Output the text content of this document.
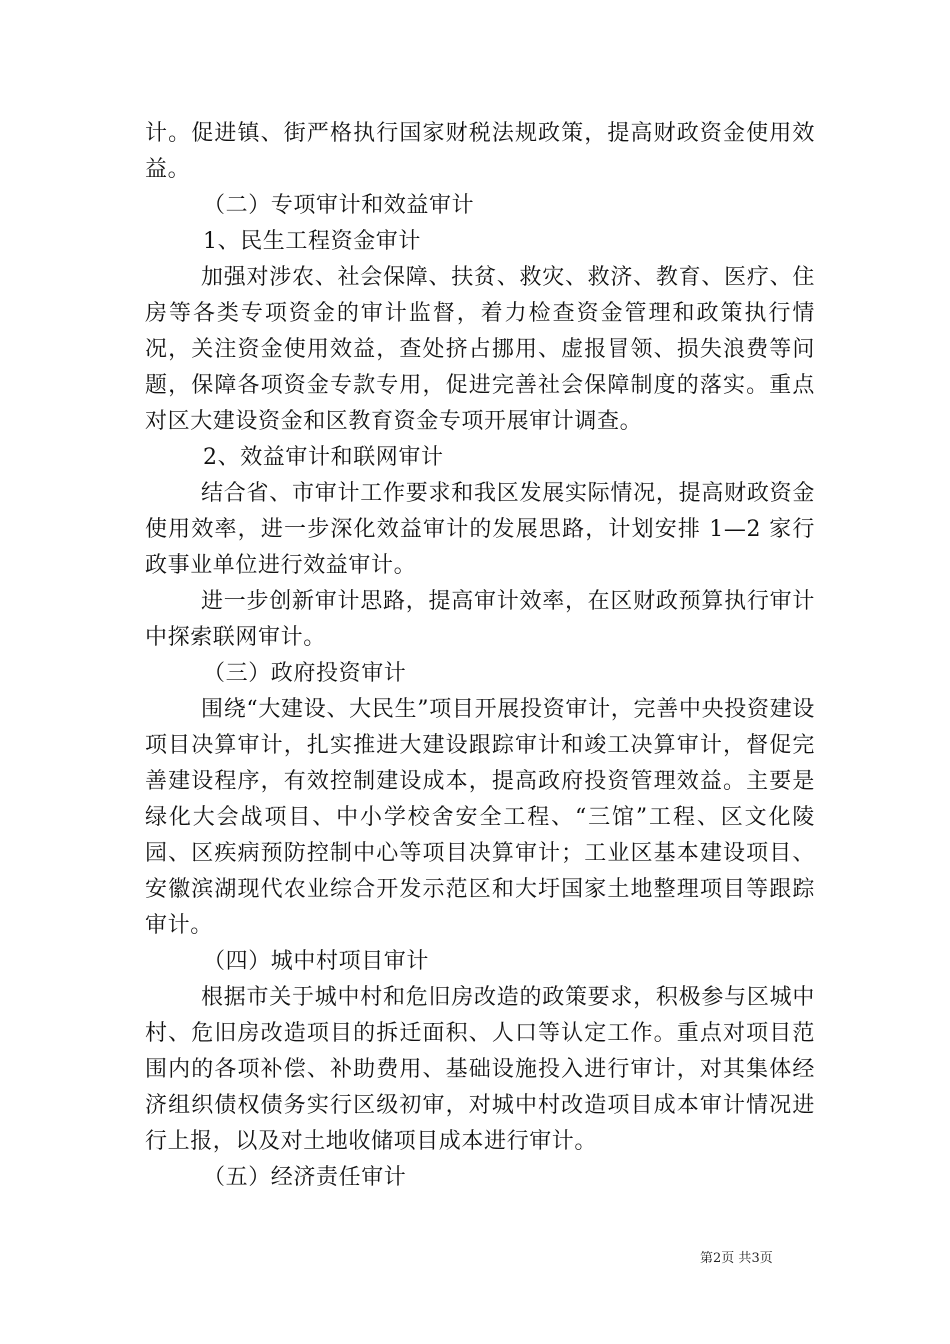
计。促进镇、街严格执行国家财税法规政策，提高财政资金使用效益。

（二）专项审计和效益审计

1、民生工程资金审计

加强对涉农、社会保障、扶贫、救灾、救济、教育、医疗、住房等各类专项资金的审计监督，着力检查资金管理和政策执行情况，关注资金使用效益，查处挤占挪用、虚报冒领、损失浪费等问题，保障各项资金专款专用，促进完善社会保障制度的落实。重点对区大建设资金和区教育资金专项开展审计调查。

2、效益审计和联网审计

结合省、市审计工作要求和我区发展实际情况，提高财政资金使用效率，进一步深化效益审计的发展思路，计划安排 1—2 家行政事业单位进行效益审计。

进一步创新审计思路，提高审计效率，在区财政预算执行审计中探索联网审计。

（三）政府投资审计

围绕“大建设、大民生”项目开展投资审计，完善中央投资建设项目决算审计，扎实推进大建设跟踪审计和竣工决算审计，督促完善建设程序，有效控制建设成本，提高政府投资管理效益。主要是绿化大会战项目、中小学校舍安全工程、“三馆”工程、区文化陵园、区疾病预防控制中心等项目决算审计；工业区基本建设项目、安徽滨湖现代农业综合开发示范区和大圩国家土地整理项目等跟踪审计。

（四）城中村项目审计

根据市关于城中村和危旧房改造的政策要求，积极参与区城中村、危旧房改造项目的拆迁面积、人口等认定工作。重点对项目范围内的各项补偿、补助费用、基础设施投入进行审计，对其集体经济组织债权债务实行区级初审，对城中村改造项目成本审计情况进行上报，以及对土地收储项目成本进行审计。

（五）经济责任审计

第2页 共3页
